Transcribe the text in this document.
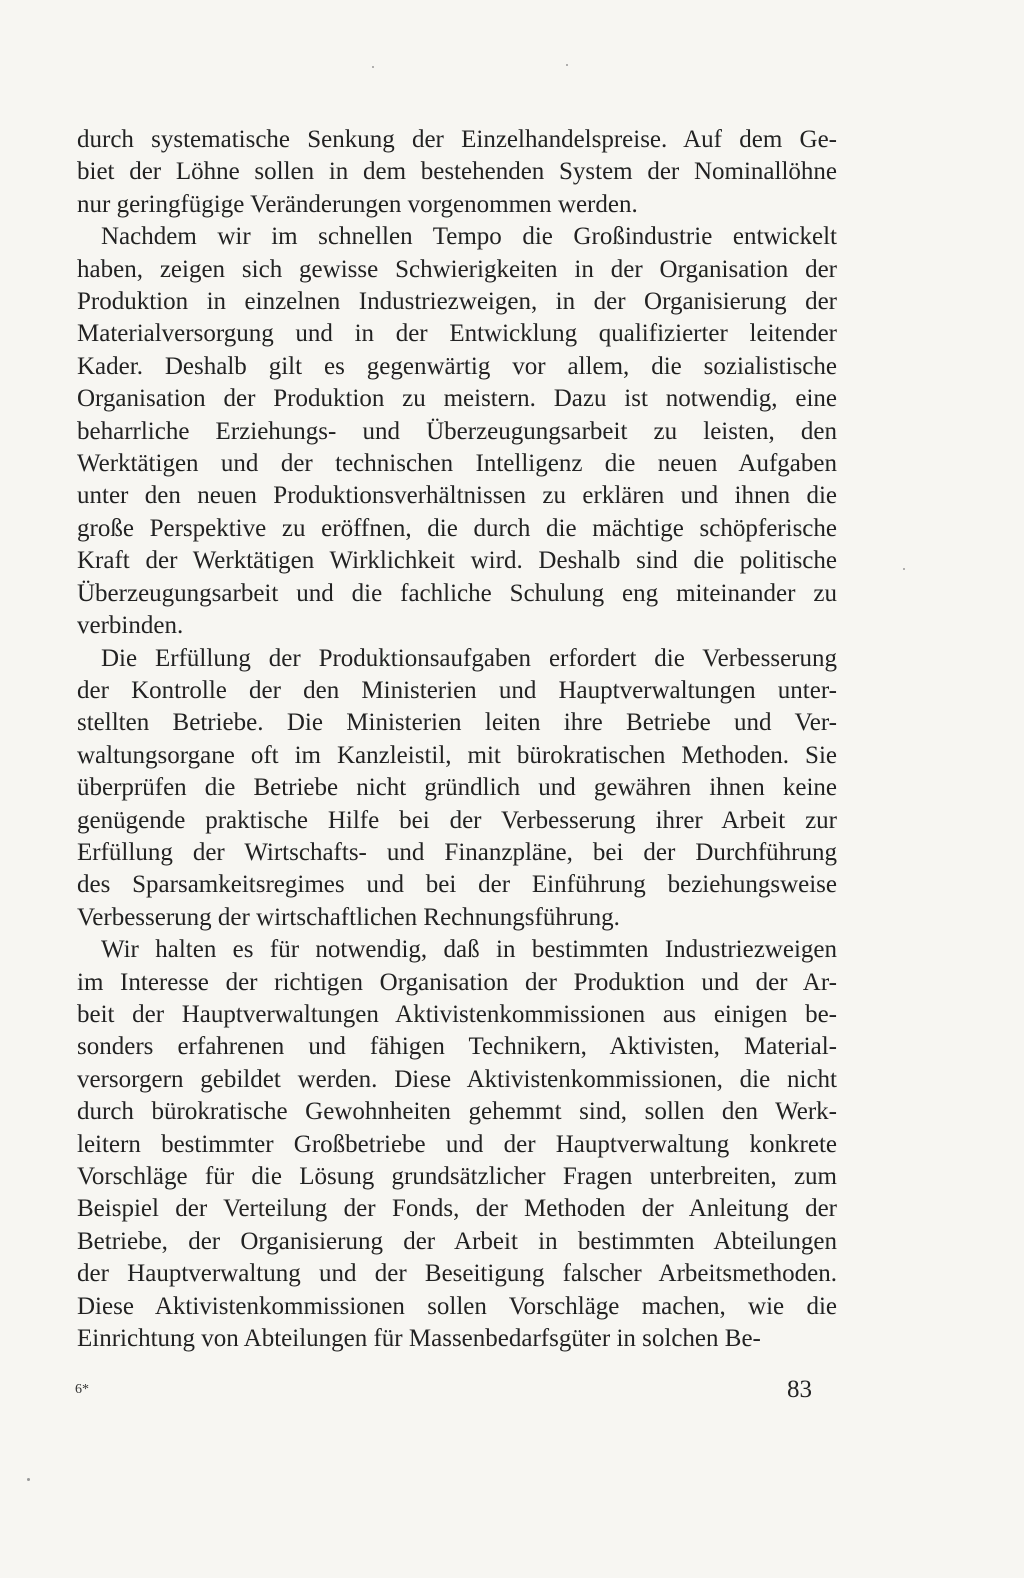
durch systematische Senkung der Einzelhandelspreise. Auf dem Ge-
biet der Löhne sollen in dem bestehenden System der Nominallöhne
nur geringfügige Veränderungen vorgenommen werden.
Nachdem wir im schnellen Tempo die Großindustrie entwickelt
haben, zeigen sich gewisse Schwierigkeiten in der Organisation der
Produktion in einzelnen Industriezweigen, in der Organisierung der
Materialversorgung und in der Entwicklung qualifizierter leitender
Kader. Deshalb gilt es gegenwärtig vor allem, die sozialistische
Organisation der Produktion zu meistern. Dazu ist notwendig, eine
beharrliche Erziehungs- und Überzeugungsarbeit zu leisten, den
Werktätigen und der technischen Intelligenz die neuen Aufgaben
unter den neuen Produktionsverhältnissen zu erklären und ihnen die
große Perspektive zu eröffnen, die durch die mächtige schöpferische
Kraft der Werktätigen Wirklichkeit wird. Deshalb sind die politische
Überzeugungsarbeit und die fachliche Schulung eng miteinander zu
verbinden.
Die Erfüllung der Produktionsaufgaben erfordert die Verbesserung
der Kontrolle der den Ministerien und Hauptverwaltungen unter-
stellten Betriebe. Die Ministerien leiten ihre Betriebe und Ver-
waltungsorgane oft im Kanzleistil, mit bürokratischen Methoden. Sie
überprüfen die Betriebe nicht gründlich und gewähren ihnen keine
genügende praktische Hilfe bei der Verbesserung ihrer Arbeit zur
Erfüllung der Wirtschafts- und Finanzpläne, bei der Durchführung
des Sparsamkeitsregimes und bei der Einführung beziehungsweise
Verbesserung der wirtschaftlichen Rechnungsführung.
Wir halten es für notwendig, daß in bestimmten Industriezweigen
im Interesse der richtigen Organisation der Produktion und der Ar-
beit der Hauptverwaltungen Aktivistenkommissionen aus einigen be-
sonders erfahrenen und fähigen Technikern, Aktivisten, Material-
versorgern gebildet werden. Diese Aktivistenkommissionen, die nicht
durch bürokratische Gewohnheiten gehemmt sind, sollen den Werk-
leitern bestimmter Großbetriebe und der Hauptverwaltung konkrete
Vorschläge für die Lösung grundsätzlicher Fragen unterbreiten, zum
Beispiel der Verteilung der Fonds, der Methoden der Anleitung der
Betriebe, der Organisierung der Arbeit in bestimmten Abteilungen
der Hauptverwaltung und der Beseitigung falscher Arbeitsmethoden.
Diese Aktivistenkommissionen sollen Vorschläge machen, wie die
Einrichtung von Abteilungen für Massenbedarfsgüter in solchen Be-
6*	83
